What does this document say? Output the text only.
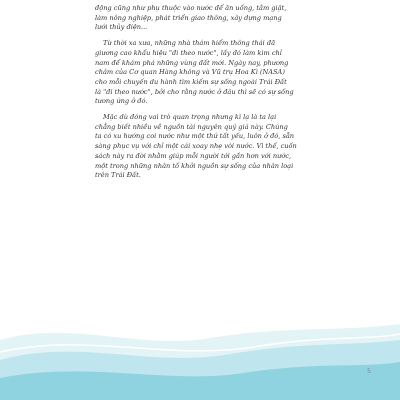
động cũng như phụ thuộc vào nước để ăn uống, tắm giặt,
làm nông nghiệp, phát triển giao thông, xây dựng mạng
lưới thủy điện...

Từ thời xa xưa, những nhà thám hiểm thông thái đã
giương cao khẩu hiệu "đi theo nước", lấy đó làm kim chỉ
nam để khám phá những vùng đất mới. Ngày nay, phương
châm của Cơ quan Hàng không và Vũ trụ Hoa Kì (NASA)
cho mỗi chuyến du hành tìm kiếm sự sống ngoài Trái Đất
là "đi theo nước", bởi cho rằng nước ở đâu thì sẽ có sự sống
tương ứng ở đó.

Mặc dù đóng vai trò quan trọng nhưng kì lạ là ta lại
chẳng biết nhiều về nguồn tài nguyên quý giá này. Chúng
ta có xu hướng coi nước như một thứ tất yếu, luôn ở đó, sẵn
sàng phục vụ với chỉ một cái xoay nhẹ vòi nước. Vì thế, cuốn
sách này ra đời nhằm giúp mỗi người tới gần hơn với nước,
một trong những nhân tố khởi nguồn sự sống của nhân loại
trên Trái Đất.

5
